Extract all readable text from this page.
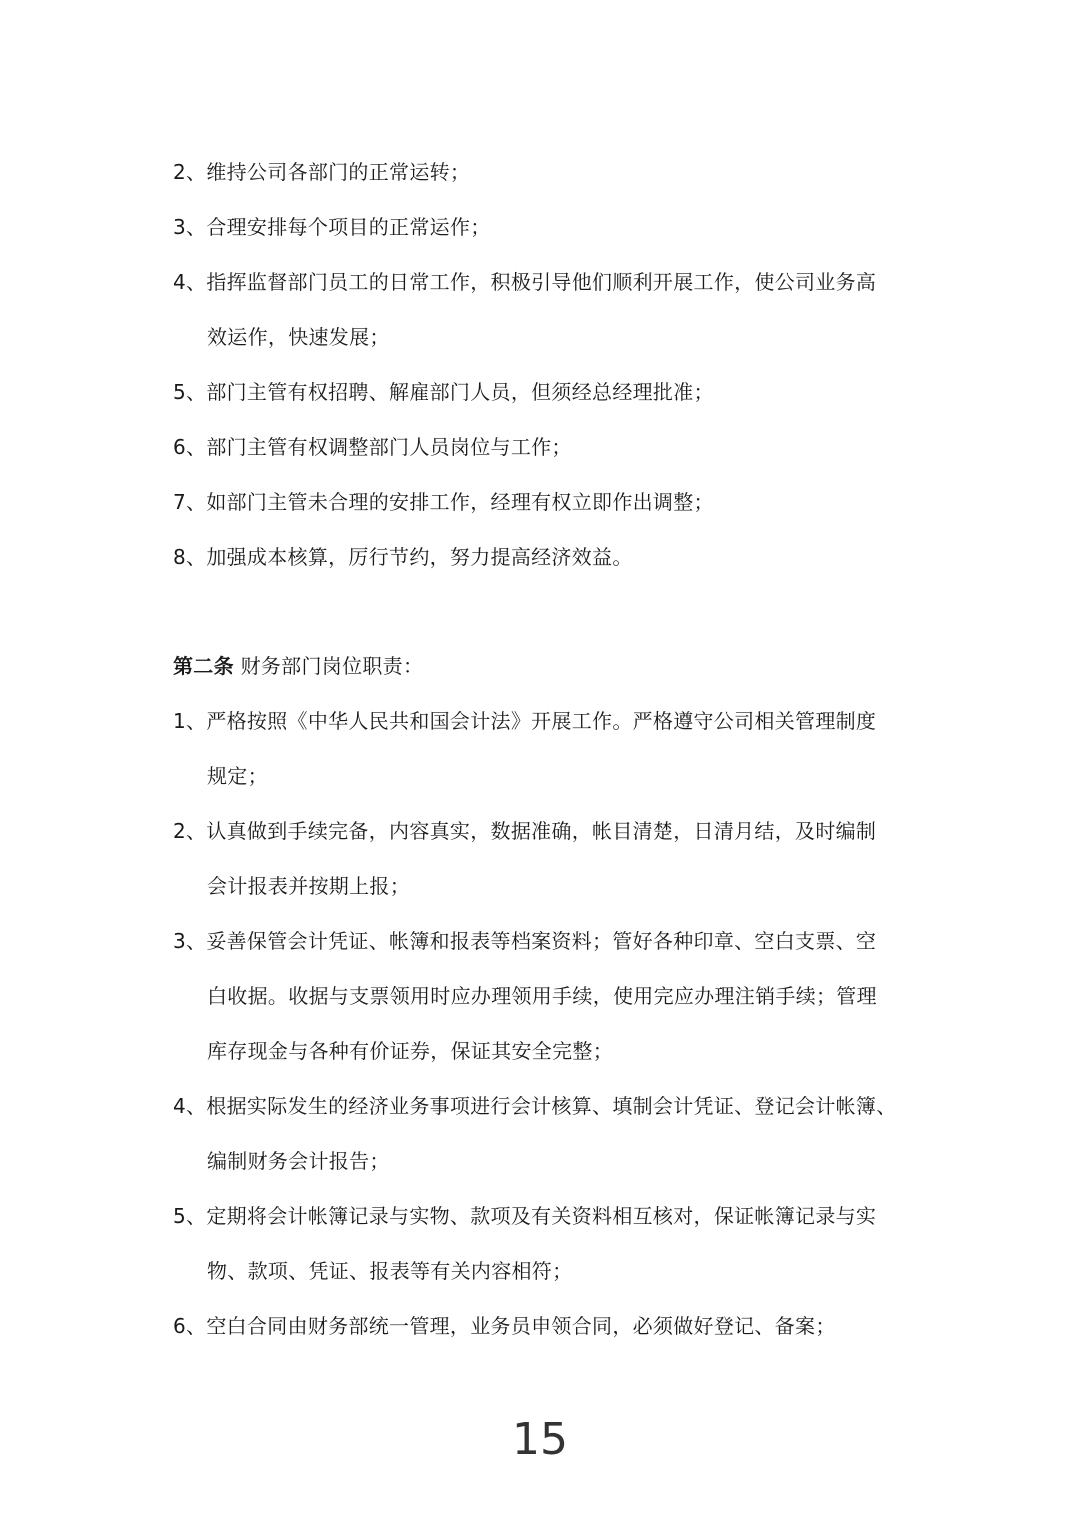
2、维持公司各部门的正常运转；
3、合理安排每个项目的正常运作；
4、指挥监督部门员工的日常工作，积极引导他们顺利开展工作，使公司业务高
效运作，快速发展；
5、部门主管有权招聘、解雇部门人员，但须经总经理批准；
6、部门主管有权调整部门人员岗位与工作；
7、如部门主管未合理的安排工作，经理有权立即作出调整；
8、加强成本核算，厉行节约，努力提高经济效益。
第二条 财务部门岗位职责：
1、严格按照《中华人民共和国会计法》开展工作。严格遵守公司相关管理制度
规定；
2、认真做到手续完备，内容真实，数据准确，帐目清楚，日清月结，及时编制
会计报表并按期上报；
3、妥善保管会计凭证、帐簿和报表等档案资料；管好各种印章、空白支票、空
白收据。收据与支票领用时应办理领用手续，使用完应办理注销手续；管理
库存现金与各种有价证券，保证其安全完整；
4、根据实际发生的经济业务事项进行会计核算、填制会计凭证、登记会计帐簿、
编制财务会计报告；
5、定期将会计帐簿记录与实物、款项及有关资料相互核对，保证帐簿记录与实
物、款项、凭证、报表等有关内容相符；
6、空白合同由财务部统一管理，业务员申领合同，必须做好登记、备案；
15
